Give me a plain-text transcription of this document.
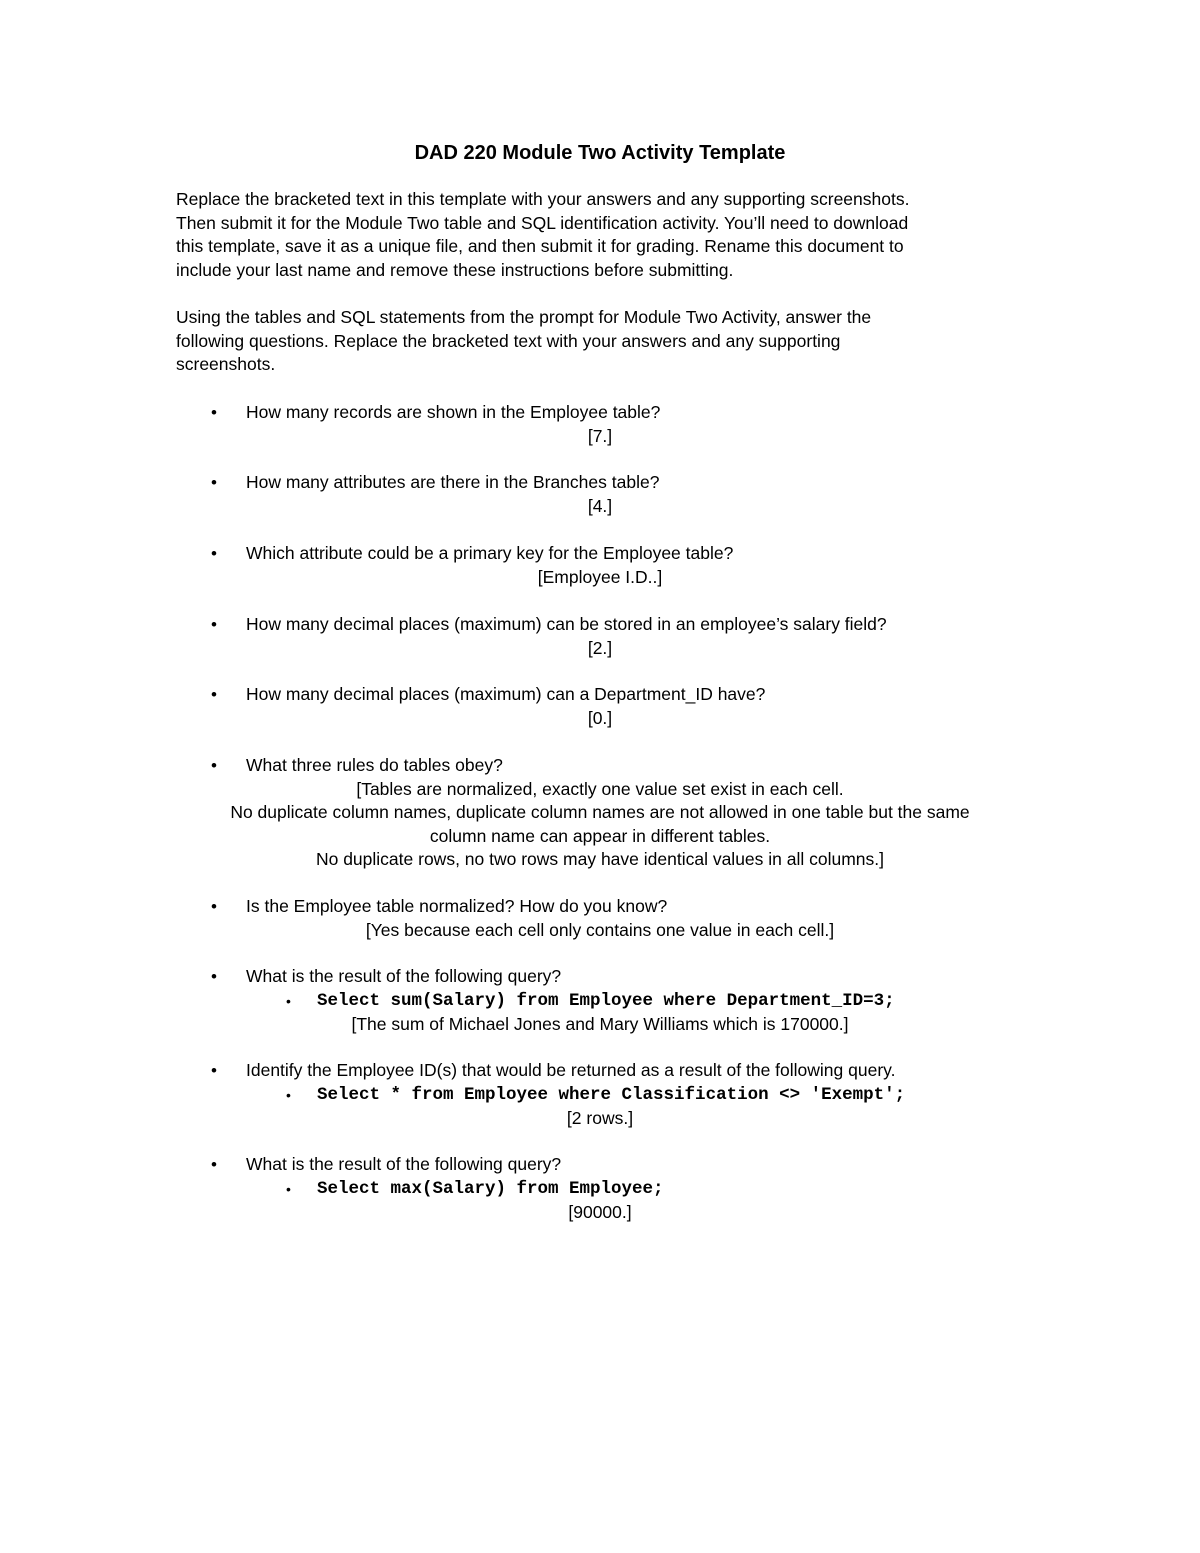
DAD 220 Module Two Activity Template

Replace the bracketed text in this template with your answers and any supporting screenshots.

Then submit it for the Module Two table and SQL identification activity. You’ll need to download

this template, save it as a unique file, and then submit it for grading. Rename this document to

include your last name and remove these instructions before submitting.

Using the tables and SQL statements from the prompt for Module Two Activity, answer the

following questions. Replace the bracketed text with your answers and any supporting

screenshots.

• How many records are shown in the Employee table?
[7.]
• How many attributes are there in the Branches table?
[4.]
• Which attribute could be a primary key for the Employee table?
[Employee I.D..]
• How many decimal places (maximum) can be stored in an employee’s salary field?
[2.]
• How many decimal places (maximum) can a Department_ID have?
[0.]
• What three rules do tables obey?
[Tables are normalized, exactly one value set exist in each cell.
No duplicate column names, duplicate column names are not allowed in one table but the same
column name can appear in different tables.
No duplicate rows, no two rows may have identical values in all columns.]
• Is the Employee table normalized? How do you know?
[Yes because each cell only contains one value in each cell.]
• What is the result of the following query?
• Select sum(Salary) from Employee where Department_ID=3;
[The sum of Michael Jones and Mary Williams which is 170000.]
• Identify the Employee ID(s) that would be returned as a result of the following query.
• Select * from Employee where Classification <> 'Exempt';
[2 rows.]
• What is the result of the following query?
• Select max(Salary) from Employee;
[90000.]
